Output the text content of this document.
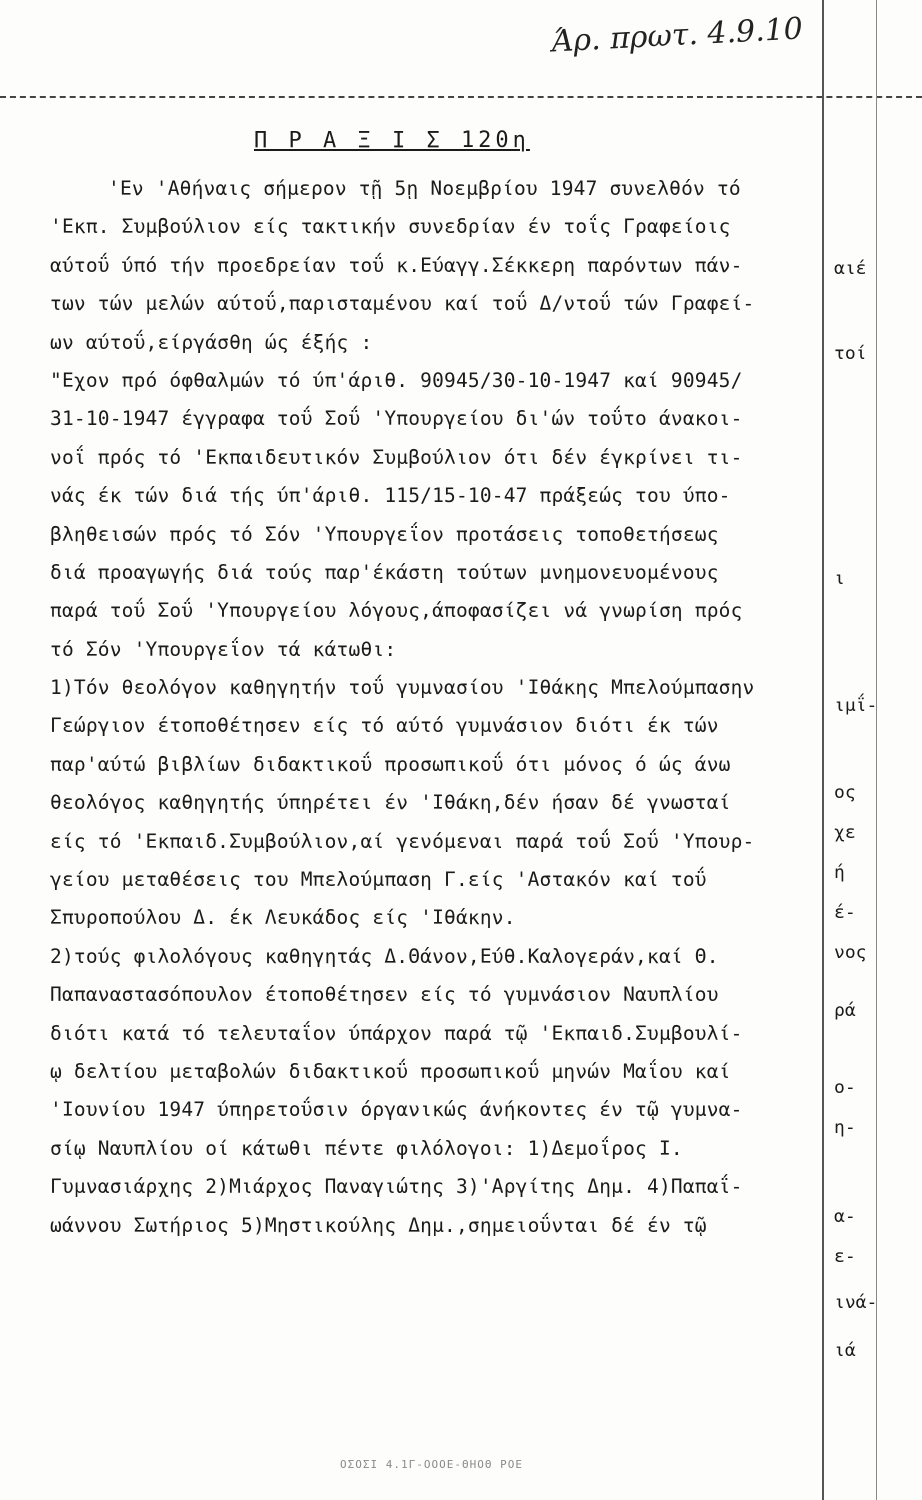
Άρ. πρωτ. 4.9.10
Π Ρ Α Ξ Ι Σ 120η
'Εν 'Αθήναις σήμερον τῇ 5ῃ Νοεμβρίου 1947 συνελθόν τό
'Εκπ. Συμβούλιον είς τακτικήν συνεδρίαν έν τοΐς Γραφείοις
αύτοΰ ύπό τήν προεδρείαν τοΰ κ.Εύαγγ.Σέκκερη παρόντων πάν-
των τών μελών αύτοΰ,παρισταμένου καί τοΰ Δ/ντοΰ τών Γραφεί-
ων αύτοΰ,είργάσθη ώς έξής :
"Εχον πρό όφθαλμών τό ύπ'άριθ. 90945/30-10-1947 καί 90945/
31-10-1947 έγγραφα τοΰ Σοΰ 'Υπουργείου δι'ών τοΰτο άνακοι-
νοΐ πρός τό 'Εκπαιδευτικόν Συμβούλιον ότι δέν έγκρίνει τι-
νάς έκ τών διά τής ύπ'άριθ. 115/15-10-47 πράξεώς του ύπο-
βληθεισών πρός τό Σόν 'Υπουργεΐον προτάσεις τοποθετήσεως
διά προαγωγής διά τούς παρ'έκάστη τούτων μνημονευομένους
παρά τοΰ Σοΰ 'Υπουργείου λόγους,άποφασίζει νά γνωρίση πρός
τό Σόν 'Υπουργεΐον τά κάτωθι:
1)Τόν θεολόγον καθηγητήν τοΰ γυμνασίου 'Ιθάκης Μπελούμπασην
Γεώργιον έτοποθέτησεν είς τό αύτό γυμνάσιον διότι έκ τών
παρ'αύτώ βιβλίων διδακτικοΰ προσωπικοΰ ότι μόνος ό ώς άνω
θεολόγος καθηγητής ύπηρέτει έν 'Ιθάκη,δέν ήσαν δέ γνωσταί
είς τό 'Εκπαιδ.Συμβούλιον,αί γενόμεναι παρά τοΰ Σοΰ 'Υπουρ-
γείου μεταθέσεις του Μπελούμπαση Γ.είς 'Αστακόν καί τοΰ
Σπυροπούλου Δ. έκ Λευκάδος είς 'Ιθάκην.
2)τούς φιλολόγους καθηγητάς Δ.Θάνον,Εύθ.Καλογεράν,καί Θ.
Παπαναστασόπουλον έτοποθέτησεν είς τό γυμνάσιον Ναυπλίου
διότι κατά τό τελευταΐον ύπάρχον παρά τῷ 'Εκπαιδ.Συμβουλί-
ῳ δελτίου μεταβολών διδακτικοΰ προσωπικοΰ μηνών Μαΐου καί
'Ιουνίου 1947 ύπηρετοΰσιν όργανικώς άνήκοντες έν τῷ γυμνα-
σίῳ Ναυπλίου οί κάτωθι πέντε φιλόλογοι: 1)Δεμοΐρος Ι.
Γυμνασιάρχης 2)Μιάρχος Παναγιώτης 3)'Αργίτης Δημ. 4)Παπαΐ-
ωάννου Σωτήριος 5)Μηστικούλης Δημ.,σημειοΰνται δέ έν τῷ
αιέ
τοί
ι
ιμΐ-
ος
χε
ή
έ-
νος
ρά
ο-
η-
α-
ε-
ινά-
ιά
ΟΣΟΣΙ 4.1Γ-ΟΟΟΕ-ΘΗΟΘ ΡΟΕ
